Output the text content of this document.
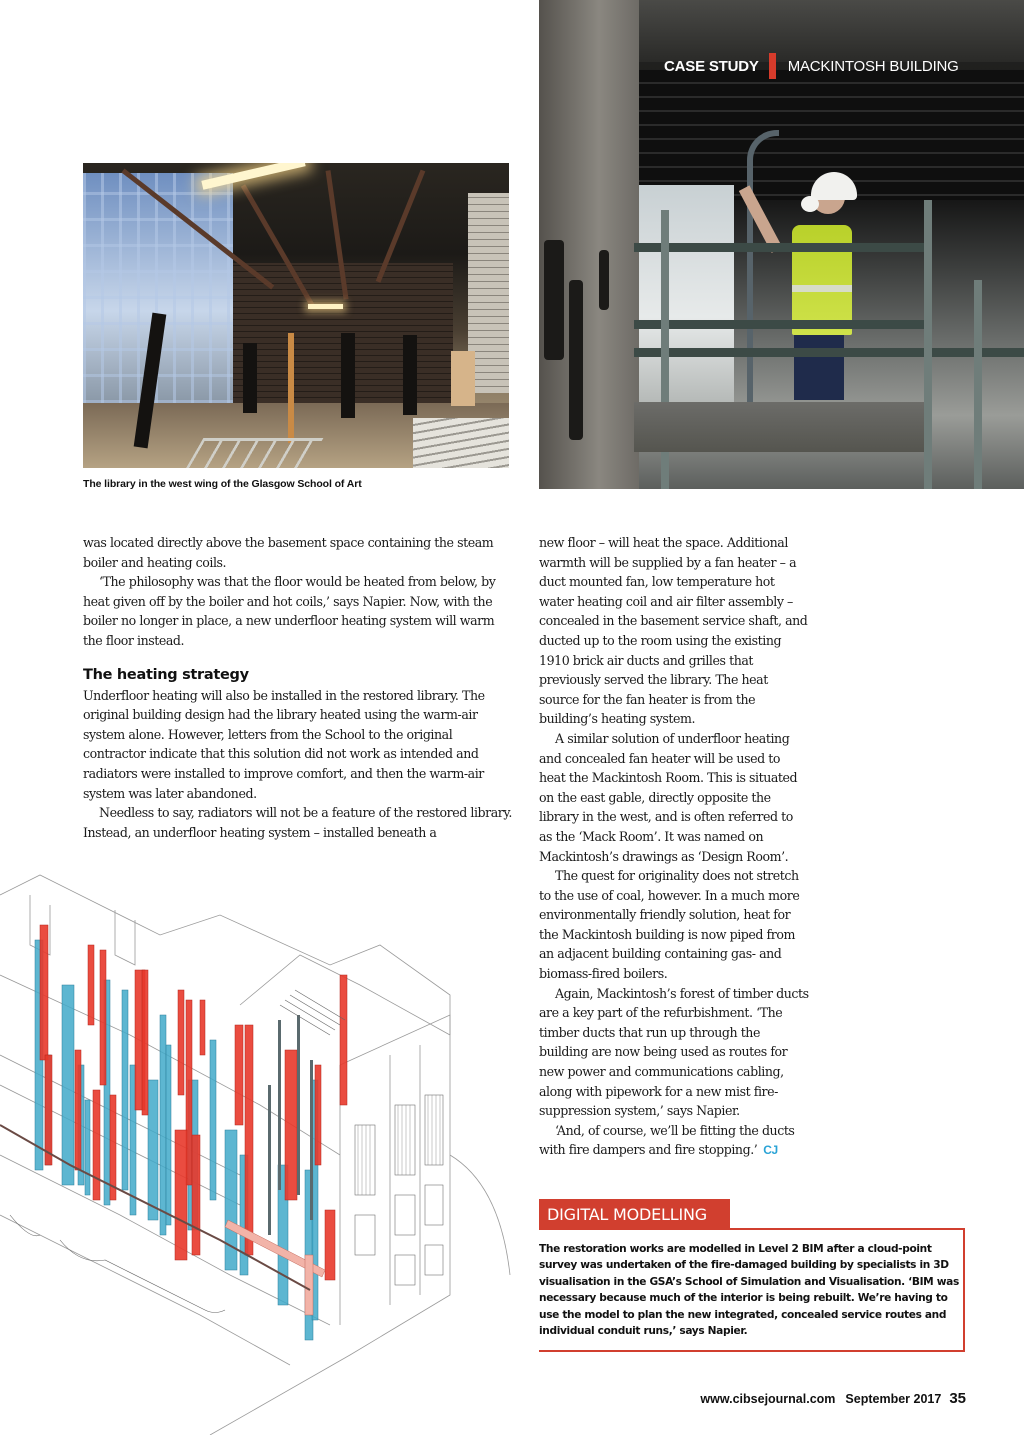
CASE STUDY MACKINTOSH BUILDING
The library in the west wing of the Glasgow School of Art

was located directly above the basement space containing the steam boiler and heating coils.

‘The philosophy was that the floor would be heated from below, by heat given off by the boiler and hot coils,’ says Napier. Now, with the boiler no longer in place, a new underfloor heating system will warm the floor instead.

The heating strategy

Underfloor heating will also be installed in the restored library. The original building design had the library heated using the warm-air system alone. However, letters from the School to the original contractor indicate that this solution did not work as intended and radiators were installed to improve comfort, and then the warm-air system was later abandoned.

Needless to say, radiators will not be a feature of the restored library. Instead, an underfloor heating system – installed beneath a

new floor – will heat the space. Additional warmth will be supplied by a fan heater – a duct mounted fan, low temperature hot water heating coil and air filter assembly – concealed in the basement service shaft, and ducted up to the room using the existing 1910 brick air ducts and grilles that previously served the library. The heat source for the fan heater is from the building’s heating system.

A similar solution of underfloor heating and concealed fan heater will be used to heat the Mackintosh Room. This is situated on the east gable, directly opposite the library in the west, and is often referred to as the ‘Mack Room’. It was named on Mackintosh’s drawings as ‘Design Room’.

The quest for originality does not stretch to the use of coal, however. In a much more environmentally friendly solution, heat for the Mackintosh building is now piped from an adjacent building containing gas- and biomass-fired boilers.

Again, Mackintosh’s forest of timber ducts are a key part of the refurbishment. ‘The timber ducts that run up through the building are now being used as routes for new power and communications cabling, along with pipework for a new mist fire-suppression system,’ says Napier.

‘And, of course, we’ll be fitting the ducts with fire dampers and fire stopping.’ CJ

DIGITAL MODELLING
The restoration works are modelled in Level 2 BIM after a cloud-point survey was undertaken of the fire-damaged building by specialists in 3D visualisation in the GSA’s School of Simulation and Visualisation. ‘BIM was necessary because much of the interior is being rebuilt. We’re having to use the model to plan the new integrated, concealed service routes and individual conduit runs,’ says Napier.
www.cibsejournal.com September 2017 35
